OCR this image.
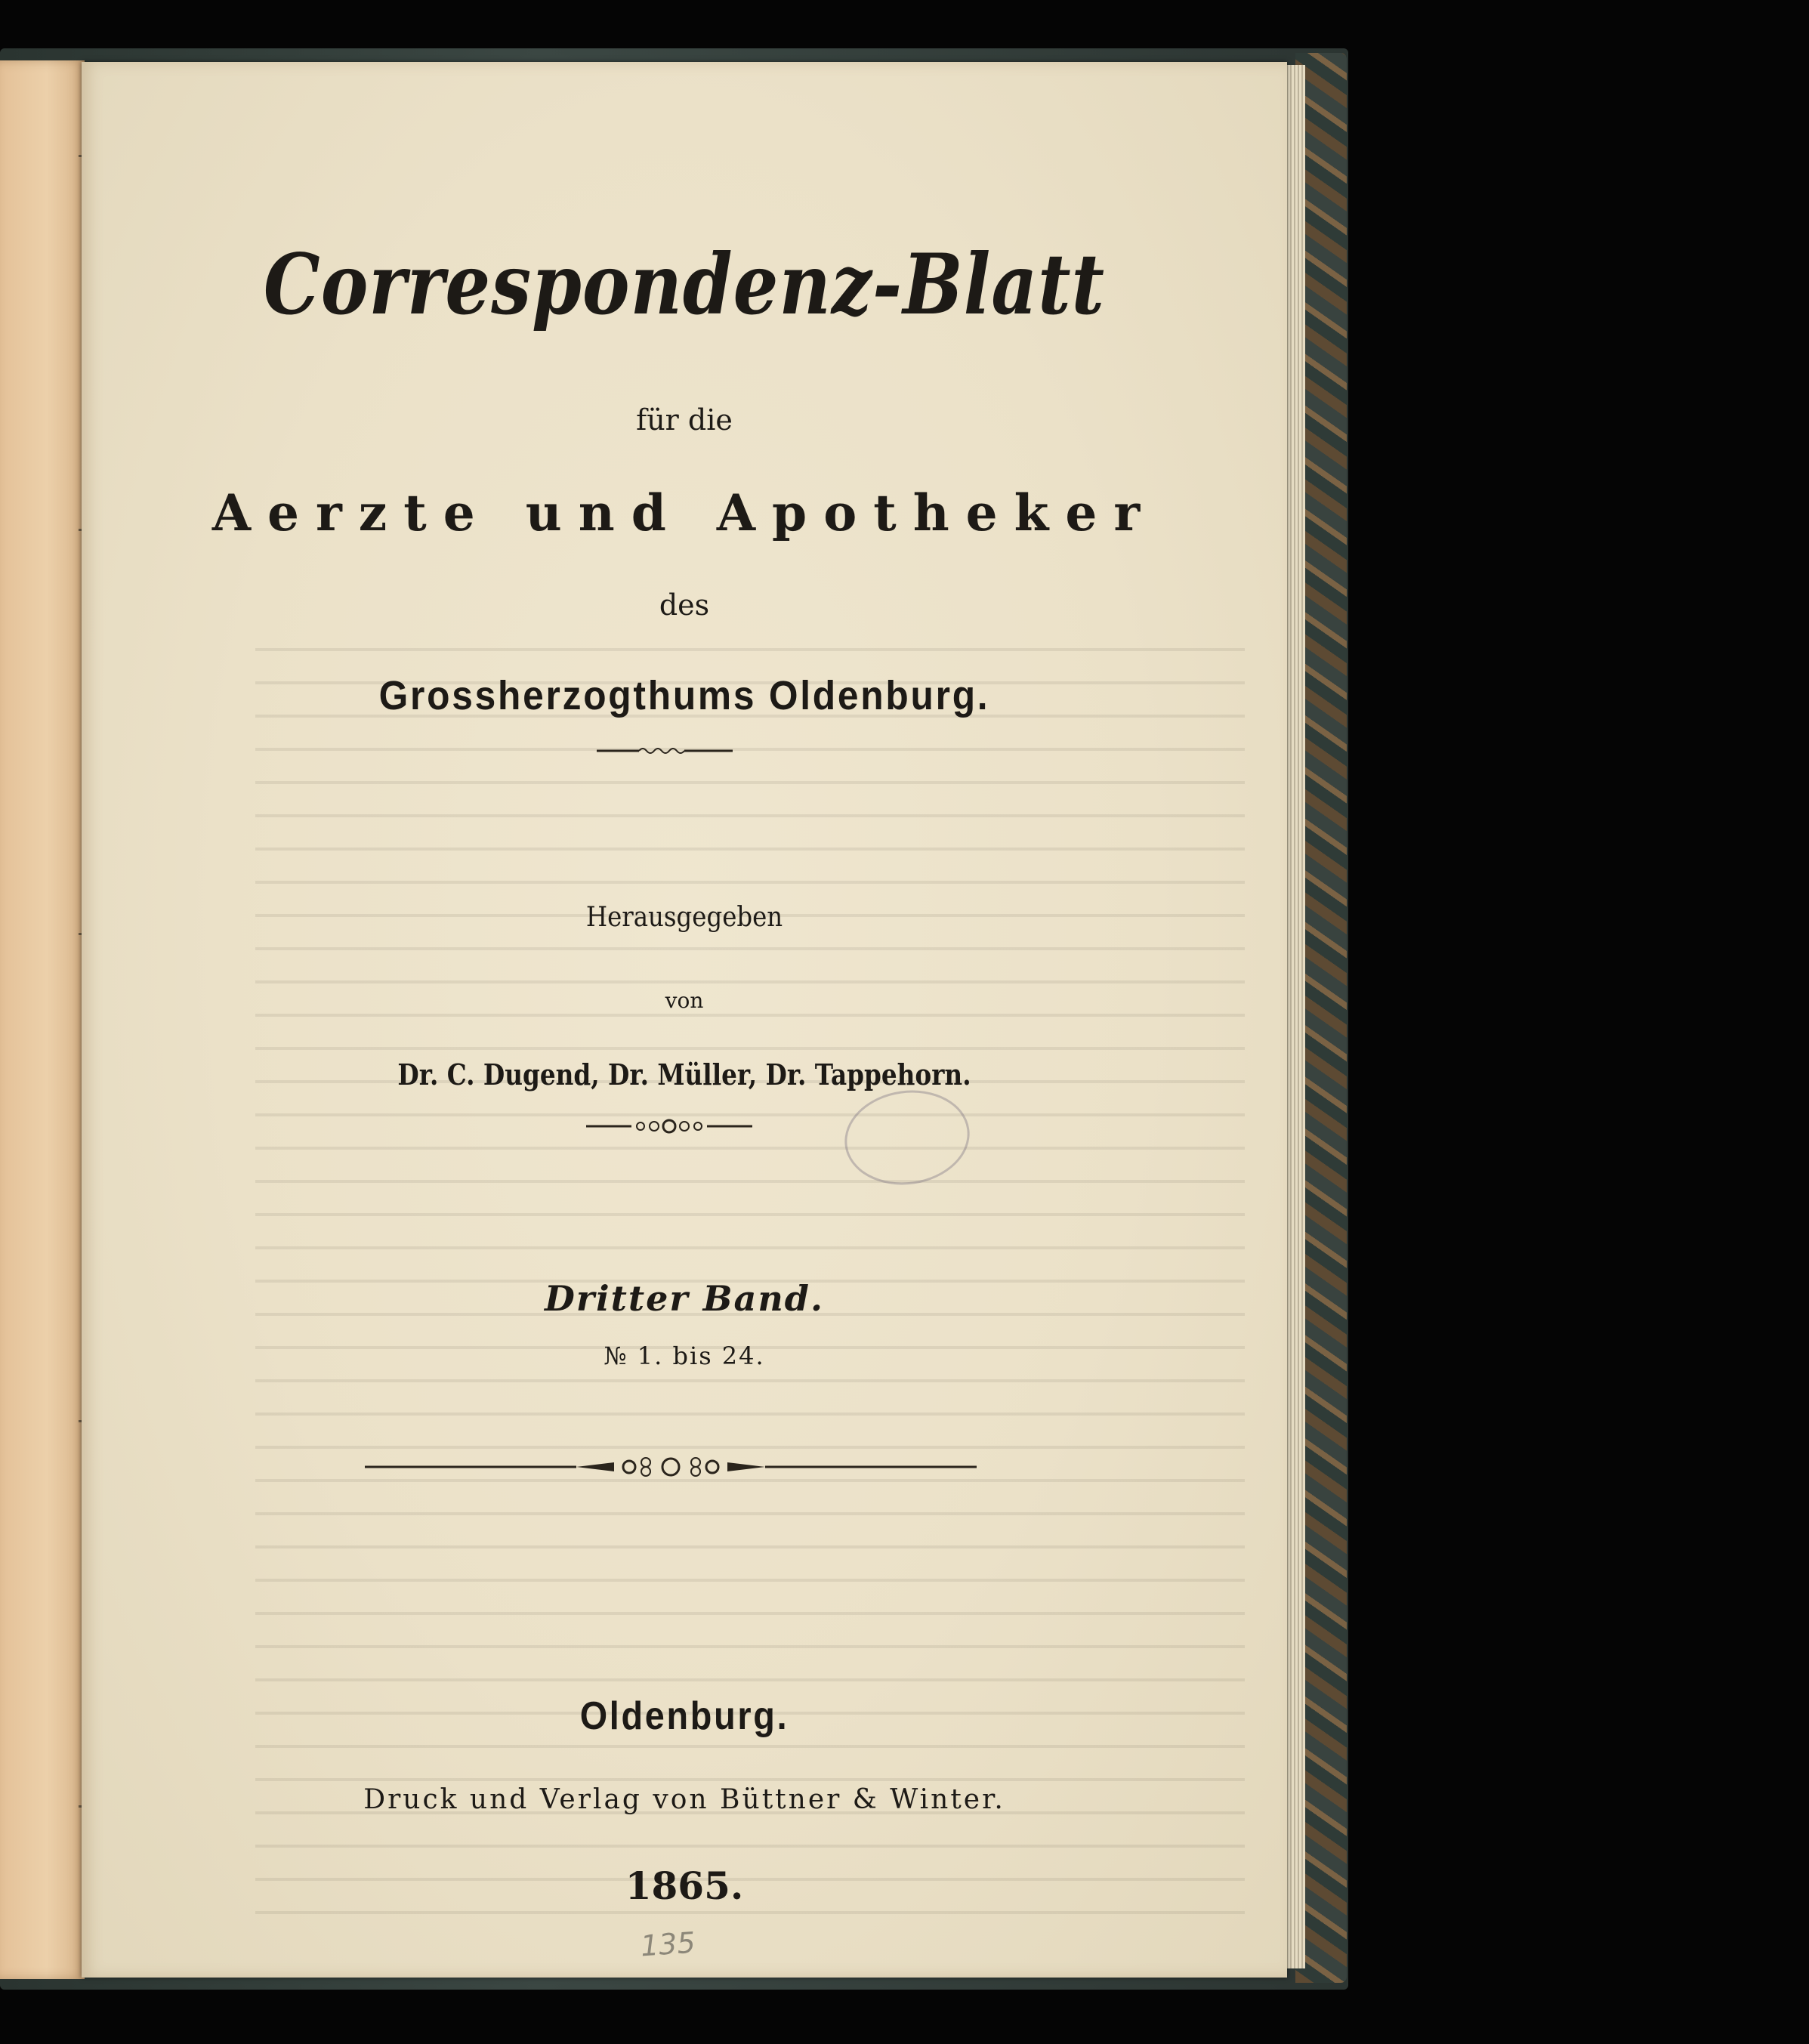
Correspondenz-Blatt
für die
Aerzte und Apotheker
des
Grossherzogthums Oldenburg.
Herausgegeben
von
Dr. C. Dugend, Dr. Müller, Dr. Tappehorn.
Dritter Band.
№ 1. bis 24.
Oldenburg.
Druck und Verlag von Büttner & Winter.
1865.
135
